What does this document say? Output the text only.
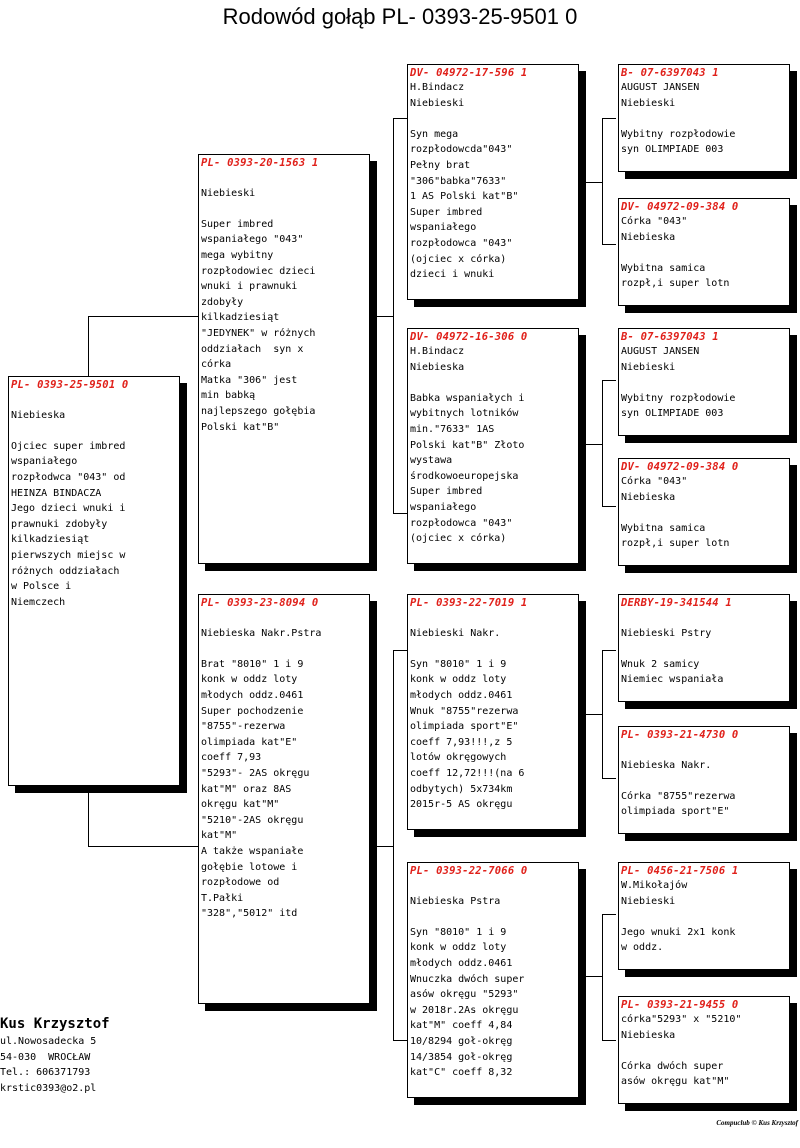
Rodowód gołąb PL- 0393-25-9501 0
PL- 0393-25-9501 0

Niebieska

Ojciec super imbred
wspaniałego
rozpłodwca "043" od
HEINZA BINDACZA
Jego dzieci wnuki i
prawnuki zdobyły
kilkadziesiąt
pierwszych miejsc w
różnych oddziałach
w Polsce i
Niemczech
PL- 0393-20-1563 1

Niebieski

Super imbred
wspaniałego "043"
mega wybitny
rozpłodowiec dzieci
wnuki i prawnuki
zdobyły
kilkadziesiąt
"JEDYNEK" w różnych
oddziałach  syn x
córka
Matka "306" jest
min babką
najlepszego gołębia
Polski kat"B"
PL- 0393-23-8094 0

Niebieska Nakr.Pstra

Brat "8010" 1 i 9
konk w oddz loty
młodych oddz.0461
Super pochodzenie
"8755"-rezerwa
olimpiada kat"E"
coeff 7,93
"5293"- 2AS okręgu
kat"M" oraz 8AS
okręgu kat"M"
"5210"-2AS okręgu
kat"M"
A także wspaniałe
gołębie lotowe i
rozpłodowe od
T.Pałki
"328","5012" itd
DV- 04972-17-596 1
H.Bindacz
Niebieski

Syn mega
rozpłodowcda"043"
Pełny brat
"306"babka"7633"
1 AS Polski kat"B"
Super imbred
wspaniałego
rozpłodowca "043"
(ojciec x córka)
dzieci i wnuki
DV- 04972-16-306 0
H.Bindacz
Niebieska

Babka wspaniałych i
wybitnych lotników
min."7633" 1AS
Polski kat"B" Złoto
wystawa
środkowoeuropejska
Super imbred
wspaniałego
rozpłodowca "043"
(ojciec x córka)
PL- 0393-22-7019 1

Niebieski Nakr.

Syn "8010" 1 i 9
konk w oddz loty
młodych oddz.0461
Wnuk "8755"rezerwa
olimpiada sport"E"
coeff 7,93!!!,z 5
lotów okręgowych
coeff 12,72!!!(na 6
odbytych) 5x734km
2015r-5 AS okręgu
PL- 0393-22-7066 0

Niebieska Pstra

Syn "8010" 1 i 9
konk w oddz loty
młodych oddz.0461
Wnuczka dwóch super
asów okręgu "5293"
w 2018r.2As okręgu
kat"M" coeff 4,84
10/8294 goł-okręg
14/3854 goł-okręg
kat"C" coeff 8,32
B- 07-6397043 1
AUGUST JANSEN
Niebieski

Wybitny rozpłodowie
syn OLIMPIADE 003
DV- 04972-09-384 0
Córka "043"
Niebieska

Wybitna samica
rozpł,i super lotn
B- 07-6397043 1
AUGUST JANSEN
Niebieski

Wybitny rozpłodowie
syn OLIMPIADE 003
DV- 04972-09-384 0
Córka "043"
Niebieska

Wybitna samica
rozpł,i super lotn
DERBY-19-341544 1

Niebieski Pstry

Wnuk 2 samicy
Niemiec wspaniała
PL- 0393-21-4730 0

Niebieska Nakr.

Córka "8755"rezerwa
olimpiada sport"E"
PL- 0456-21-7506 1
W.Mikołajów
Niebieski

Jego wnuki 2x1 konk
w oddz.
PL- 0393-21-9455 0
córka"5293" x "5210"
Niebieska

Córka dwóch super
asów okręgu kat"M"
Kus Krzysztof
ul.Nowosadecka 5
54-030  WROCŁAW
Tel.: 606371793
krstic0393@o2.pl
Compuclub © Kus Krzysztof
